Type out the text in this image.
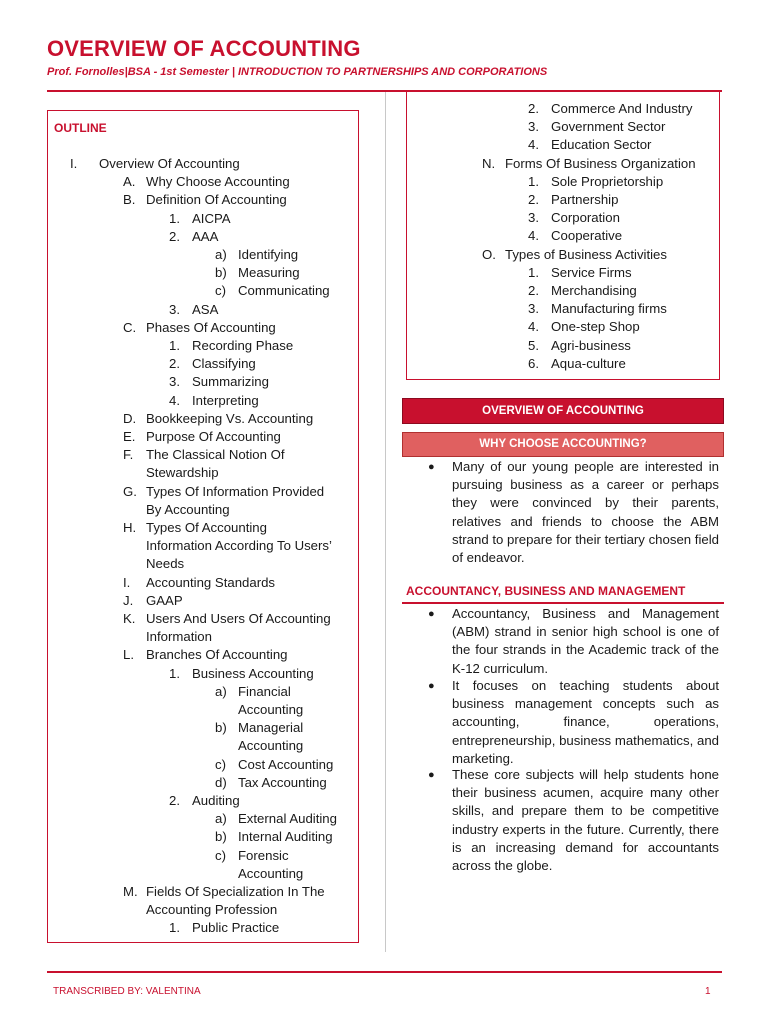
OVERVIEW OF ACCOUNTING
Prof. Fornolles|BSA - 1st Semester | INTRODUCTION TO PARTNERSHIPS AND CORPORATIONS
OUTLINE
I. Overview Of Accounting
A. Why Choose Accounting
B. Definition Of Accounting
1. AICPA
2. AAA
a) Identifying
b) Measuring
c) Communicating
3. ASA
C. Phases Of Accounting
1. Recording Phase
2. Classifying
3. Summarizing
4. Interpreting
D. Bookkeeping Vs. Accounting
E. Purpose Of Accounting
F. The Classical Notion Of
Stewardship
G. Types Of Information Provided
By Accounting
H. Types Of Accounting
Information According To Users’
Needs
I. Accounting Standards
J. GAAP
K. Users And Users Of Accounting
Information
L. Branches Of Accounting
1. Business Accounting
a) Financial
Accounting
b) Managerial
Accounting
c) Cost Accounting
d) Tax Accounting
2. Auditing
a) External Auditing
b) Internal Auditing
c) Forensic
Accounting
M. Fields Of Specialization In The
Accounting Profession
1. Public Practice
2. Commerce And Industry
3. Government Sector
4. Education Sector
N. Forms Of Business Organization
1. Sole Proprietorship
2. Partnership
3. Corporation
4. Cooperative
O. Types of Business Activities
1. Service Firms
2. Merchandising
3. Manufacturing firms
4. One-step Shop
5. Agri-business
6. Aqua-culture
OVERVIEW OF ACCOUNTING
WHY CHOOSE ACCOUNTING?
● Many of our young people are interested in pursuing business as a career or perhaps they were convinced by their parents, relatives and friends to choose the ABM strand to prepare for their tertiary chosen field of endeavor.
ACCOUNTANCY, BUSINESS AND MANAGEMENT
● Accountancy, Business and Management (ABM) strand in senior high school is one of the four strands in the Academic track of the K-12 curriculum.
● It focuses on teaching students about business management concepts such as accounting, finance, operations, entrepreneurship, business mathematics, and marketing.
● These core subjects will help students hone their business acumen, acquire many other skills, and prepare them to be competitive industry experts in the future. Currently, there is an increasing demand for accountants across the globe.
TRANSCRIBED BY: VALENTINA	1
